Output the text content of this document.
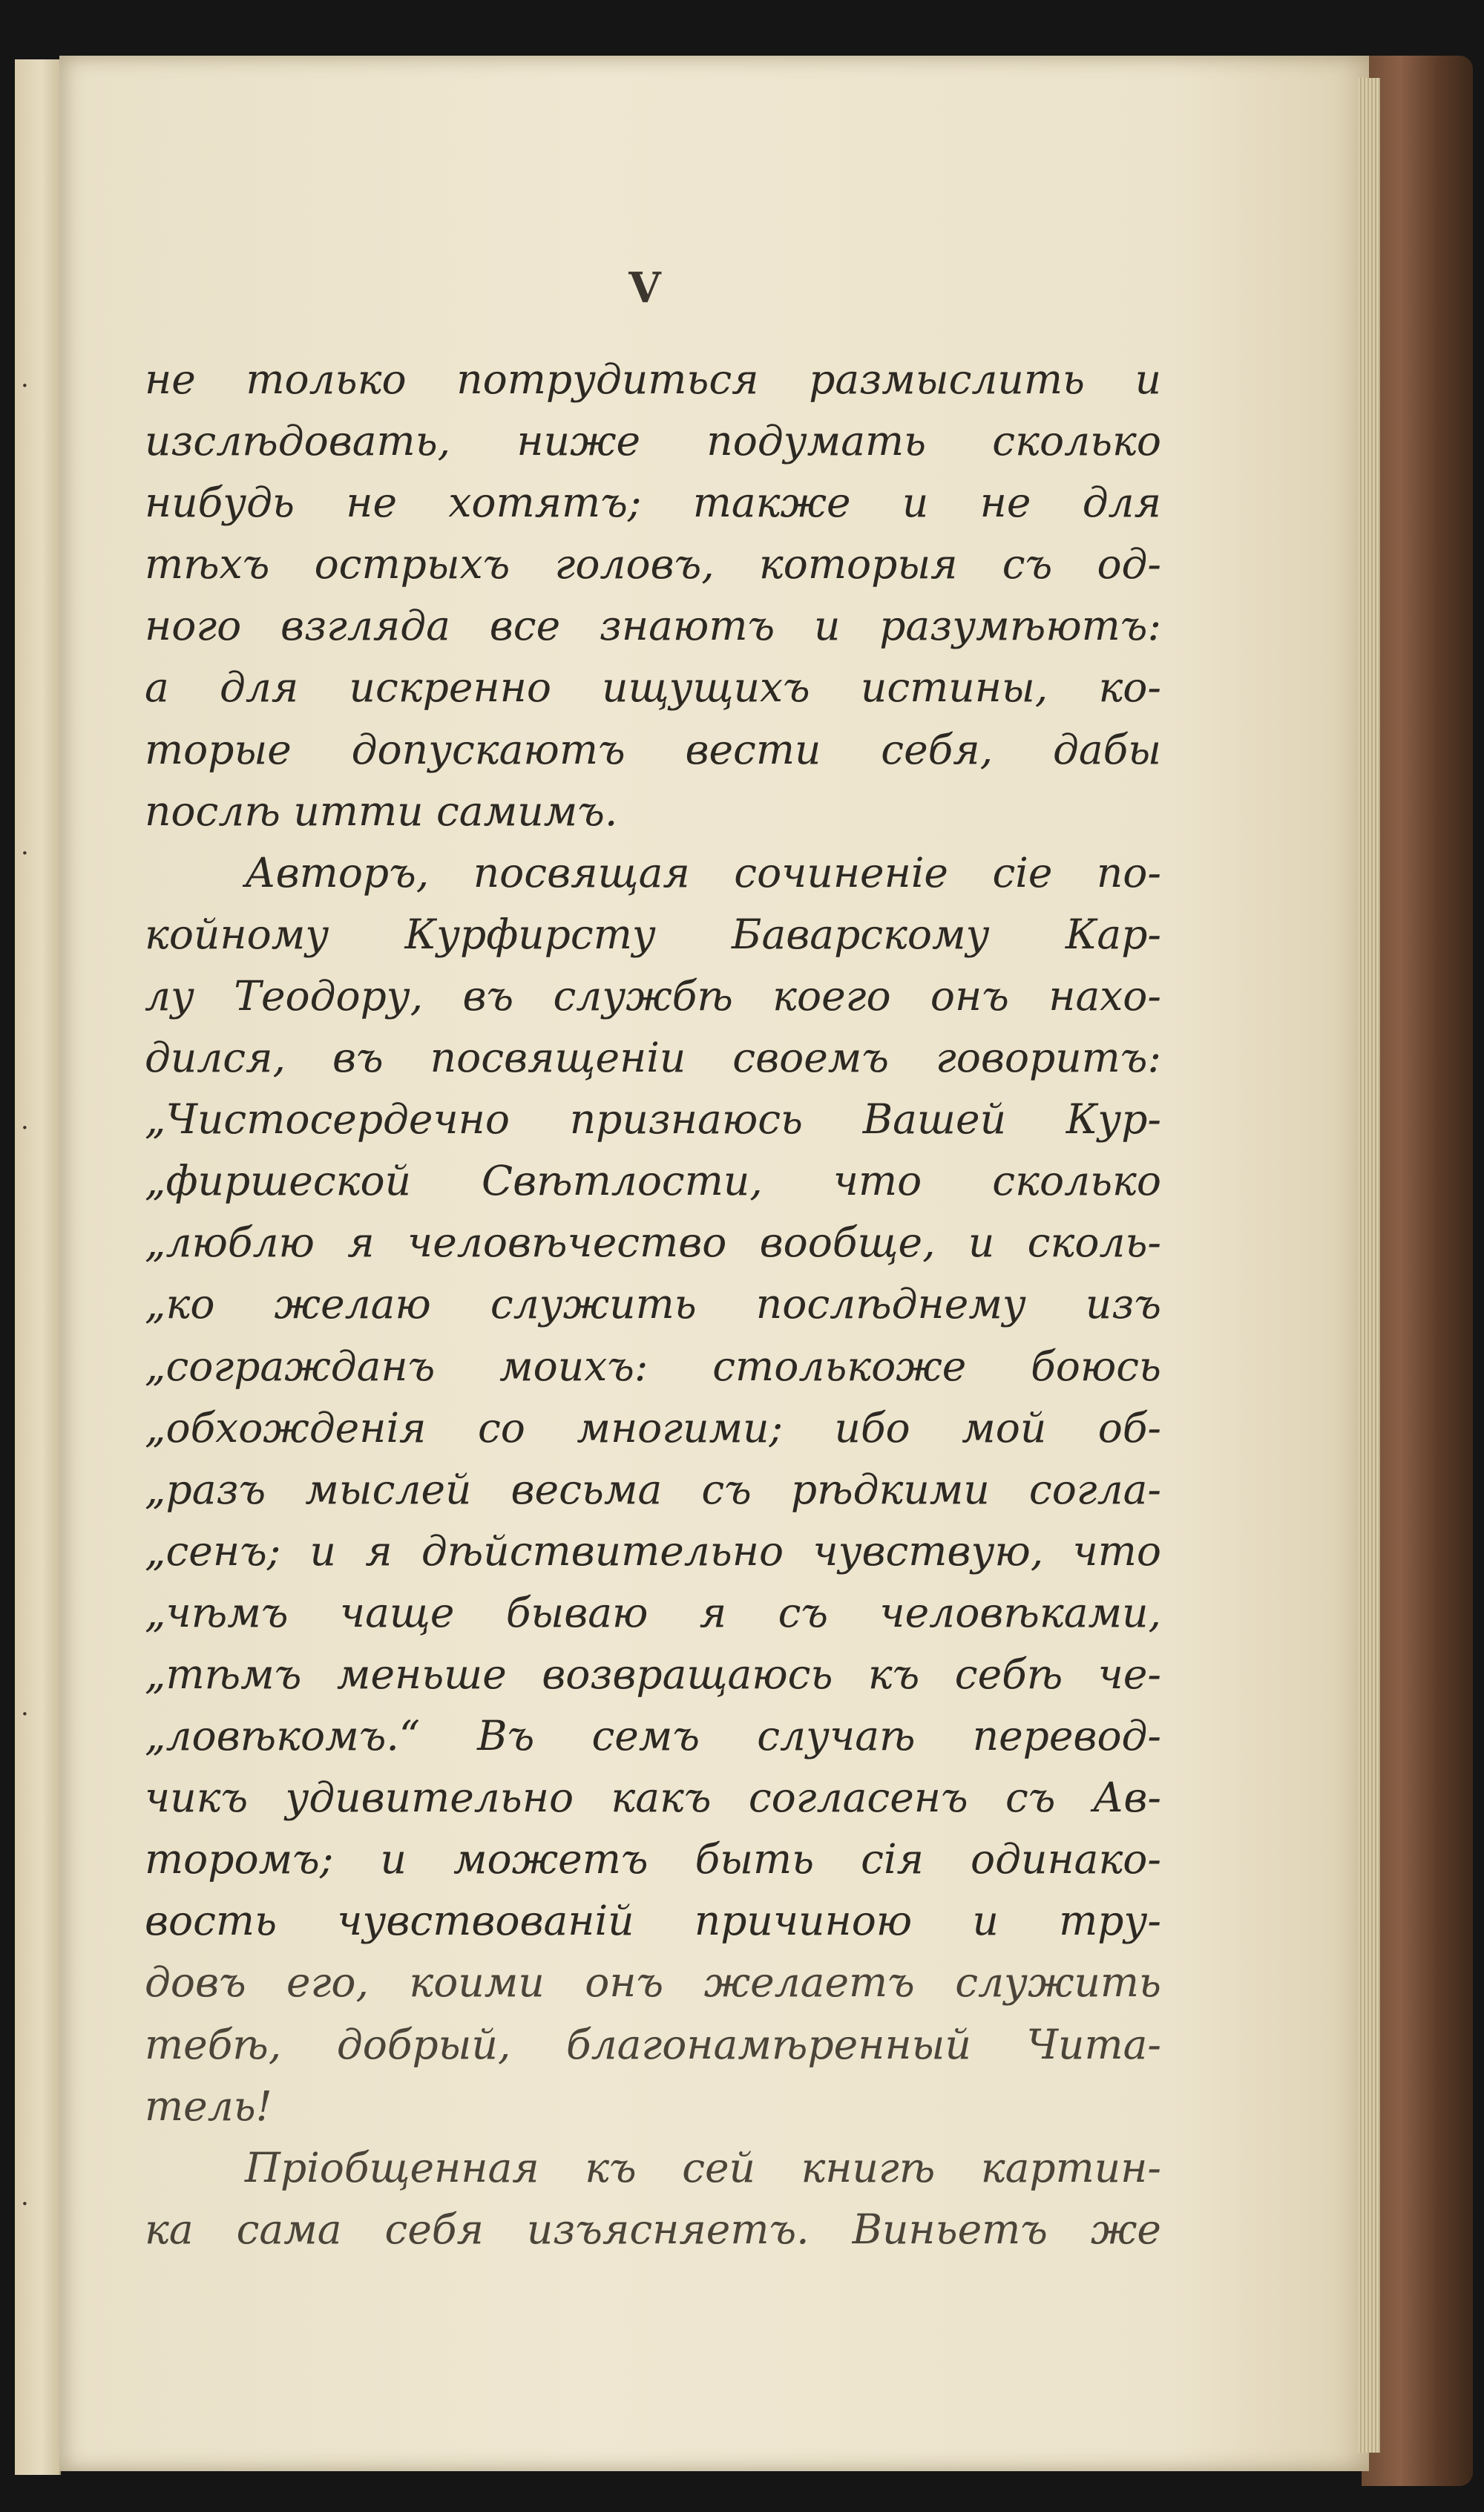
·
·
·
·
·
V
не только потрудиться размыслить и
изслѣдовать, ниже подумать сколько
нибудь не хотятъ; также и не для
тѣхъ острыхъ головъ, которыя съ од-
ного взгляда все знаютъ и разумѣютъ:
а для искренно ищущихъ истины, ко-
торые допускаютъ вести себя, дабы
послѣ итти самимъ.
Авторъ, посвящая сочиненіе сіе по-
койному Курфирсту Баварскому Кар-
лу Теодору, въ службѣ коего онъ нахо-
дился, въ посвященіи своемъ говоритъ:
„Чистосердечно признаюсь Вашей Кур-
„фиршеской Свѣтлости, что сколько
„люблю я человѣчество вообще, и сколь-
„ко желаю служить послѣднему изъ
„согражданъ моихъ: столькоже боюсь
„обхожденія со многими; ибо мой об-
„разъ мыслей весьма съ рѣдкими согла-
„сенъ; и я дѣйствительно чувствую, что
„чѣмъ чаще бываю я съ человѣками,
„тѣмъ меньше возвращаюсь къ себѣ че-
„ловѣкомъ.“ Въ семъ случаѣ перевод-
чикъ удивительно какъ согласенъ съ Ав-
торомъ; и можетъ быть сія одинако-
вость чувствованій причиною и тру-
довъ его, коими онъ желаетъ служить
тебѣ, добрый, благонамѣренный Чита-
тель!
Пріобщенная къ сей книгѣ картин-
ка сама себя изъясняетъ. Виньетъ же
